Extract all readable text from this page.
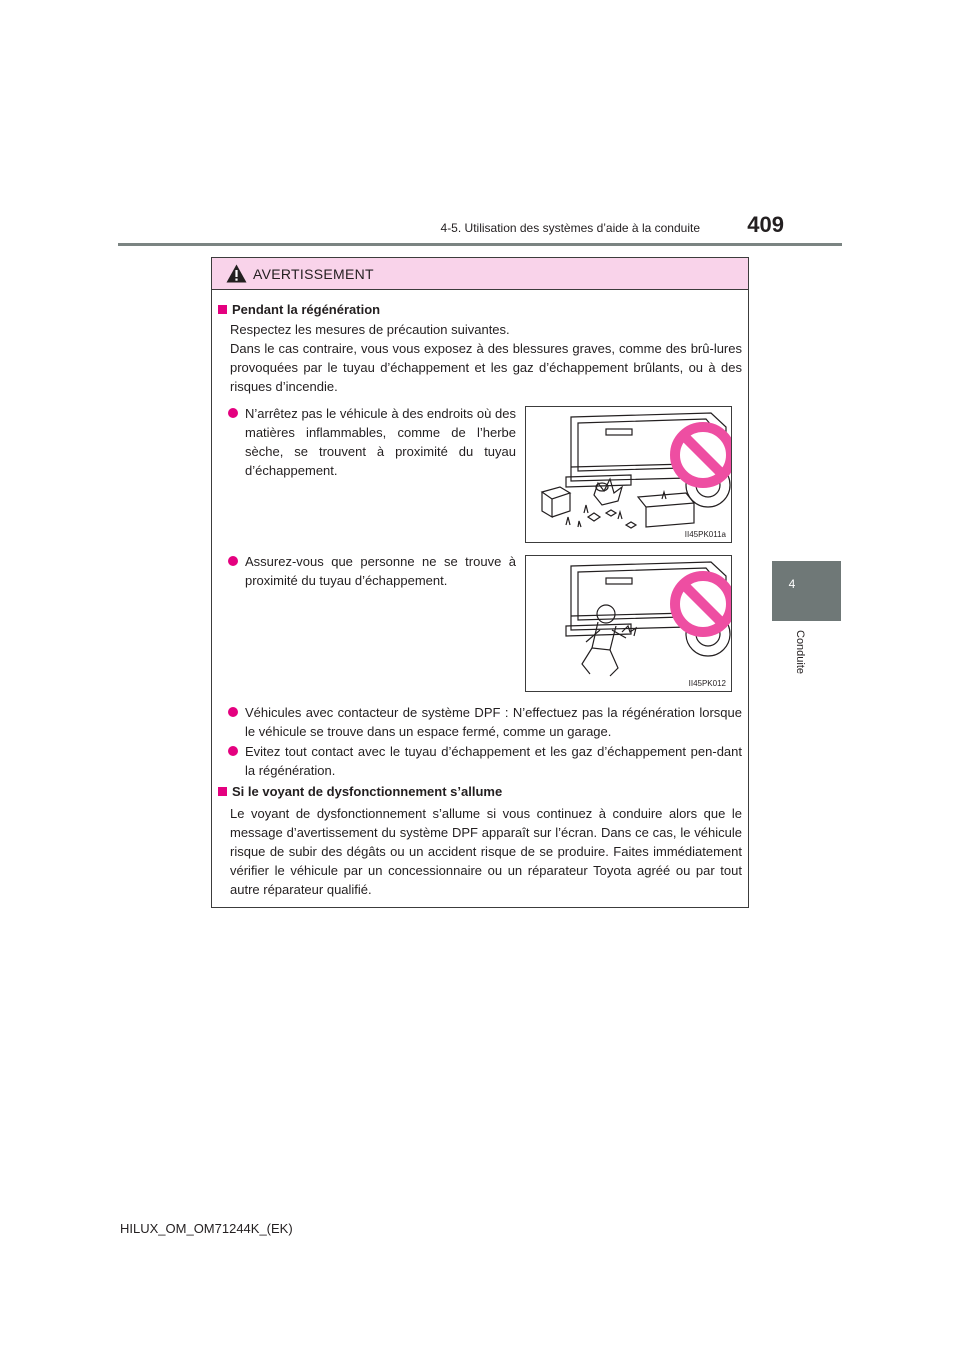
4-5. Utilisation des systèmes d’aide à la conduite	409
4
Conduite
AVERTISSEMENT
Pendant la régénération
Respectez les mesures de précaution suivantes.
Dans le cas contraire, vous vous exposez à des blessures graves, comme des brû-lures provoquées par le tuyau d’échappement et les gaz d’échappement brûlants, ou à des risques d’incendie.
N’arrêtez pas le véhicule à des endroits où des matières inflammables, comme de l’herbe sèche, se trouvent à proximité du tuyau d’échappement.
II45PK011a
Assurez-vous que personne ne se trouve à proximité du tuyau d’échappement.
II45PK012
Véhicules avec contacteur de système DPF : N’effectuez pas la régénération lorsque le véhicule se trouve dans un espace fermé, comme un garage.
Evitez tout contact avec le tuyau d’échappement et les gaz d’échappement pen-dant la régénération.
Si le voyant de dysfonctionnement s’allume
Le voyant de dysfonctionnement s’allume si vous continuez à conduire alors que le message d’avertissement du système DPF apparaît sur l’écran. Dans ce cas, le véhicule risque de subir des dégâts ou un accident risque de se produire. Faites immédiatement vérifier le véhicule par un concessionnaire ou un réparateur Toyota agréé ou par tout autre réparateur qualifié.
HILUX_OM_OM71244K_(EK)
